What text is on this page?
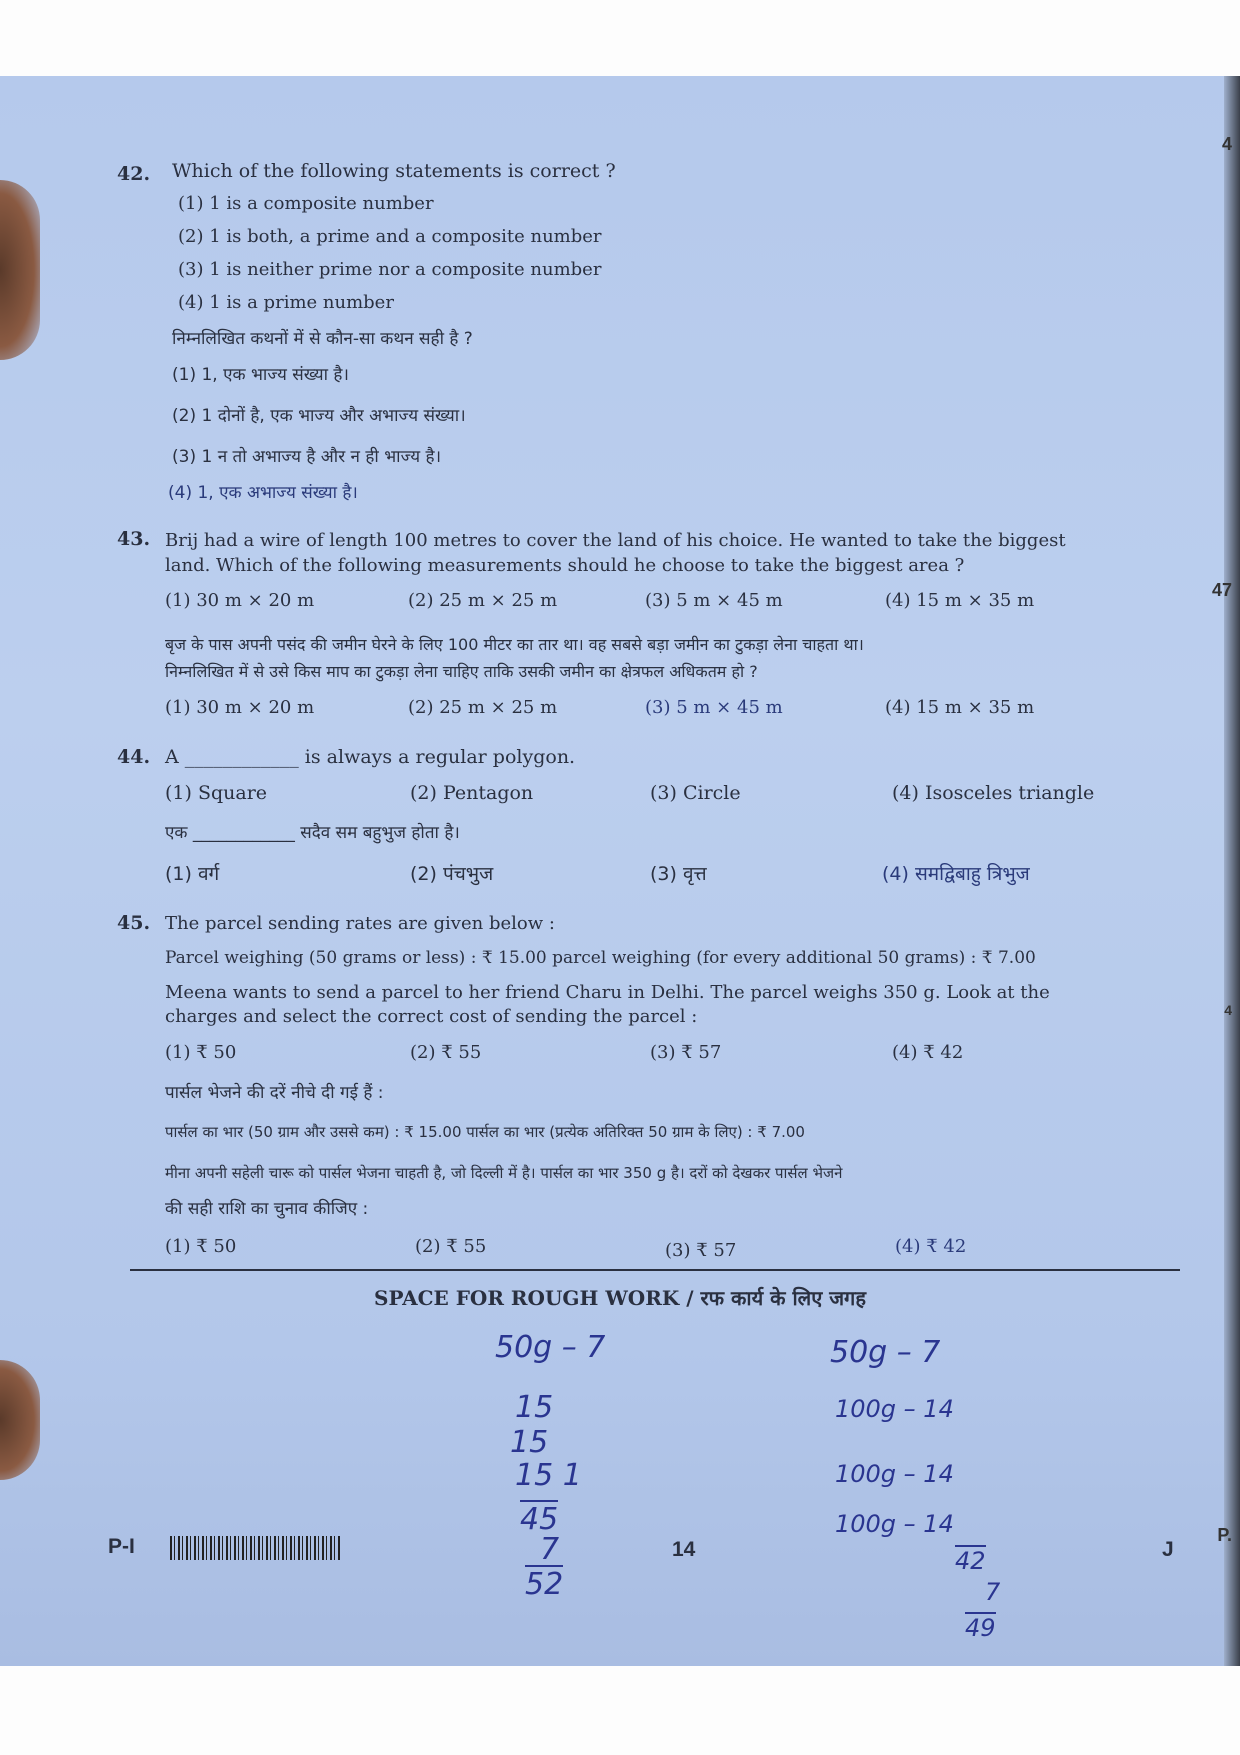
42. Which of the following statements is correct ?
(1) 1 is a composite number
(2) 1 is both, a prime and a composite number
(3) 1 is neither prime nor a composite number
(4) 1 is a prime number
निम्नलिखित कथनों में से कौन-सा कथन सही है ?
(1) 1, एक भाज्य संख्या है।
(2) 1 दोनों है, एक भाज्य और अभाज्य संख्या।
(3) 1 न तो अभाज्य है और न ही भाज्य है।
(4) 1, एक अभाज्य संख्या है।
43. Brij had a wire of length 100 metres to cover the land of his choice. He wanted to take the biggest
land. Which of the following measurements should he choose to take the biggest area ?
(1) 30 m × 20 m	(2) 25 m × 25 m	(3) 5 m × 45 m	(4) 15 m × 35 m
बृज के पास अपनी पसंद की जमीन घेरने के लिए 100 मीटर का तार था। वह सबसे बड़ा जमीन का टुकड़ा लेना चाहता था।
निम्नलिखित में से उसे किस माप का टुकड़ा लेना चाहिए ताकि उसकी जमीन का क्षेत्रफल अधिकतम हो ?
(1) 30 m × 20 m	(2) 25 m × 25 m	(3) 5 m × 45 m	(4) 15 m × 35 m
44. A ____________ is always a regular polygon.
(1) Square	(2) Pentagon	(3) Circle	(4) Isosceles triangle
एक ____________ सदैव सम बहुभुज होता है।
(1) वर्ग	(2) पंचभुज	(3) वृत्त	(4) समद्विबाहु त्रिभुज
45. The parcel sending rates are given below :
Parcel weighing (50 grams or less) : ₹ 15.00 parcel weighing (for every additional 50 grams) : ₹ 7.00
Meena wants to send a parcel to her friend Charu in Delhi. The parcel weighs 350 g. Look at the
charges and select the correct cost of sending the parcel :
(1) ₹ 50	(2) ₹ 55	(3) ₹ 57	(4) ₹ 42
पार्सल भेजने की दरें नीचे दी गई हैं :
पार्सल का भार (50 ग्राम और उससे कम) : ₹ 15.00 पार्सल का भार (प्रत्येक अतिरिक्त 50 ग्राम के लिए) : ₹ 7.00
मीना अपनी सहेली चारू को पार्सल भेजना चाहती है, जो दिल्ली में है। पार्सल का भार 350 g है। दरों को देखकर पार्सल भेजने
की सही राशि का चुनाव कीजिए :
(1) ₹ 50	(2) ₹ 55	(3) ₹ 57	(4) ₹ 42
SPACE FOR ROUGH WORK / रफ कार्य के लिए जगह
50g – 7
15
15
15 1
45
7
52
50g – 7
100g – 14
100g – 14
100g – 14
42
7
49
P-I	14	J
4
47
4
P.
